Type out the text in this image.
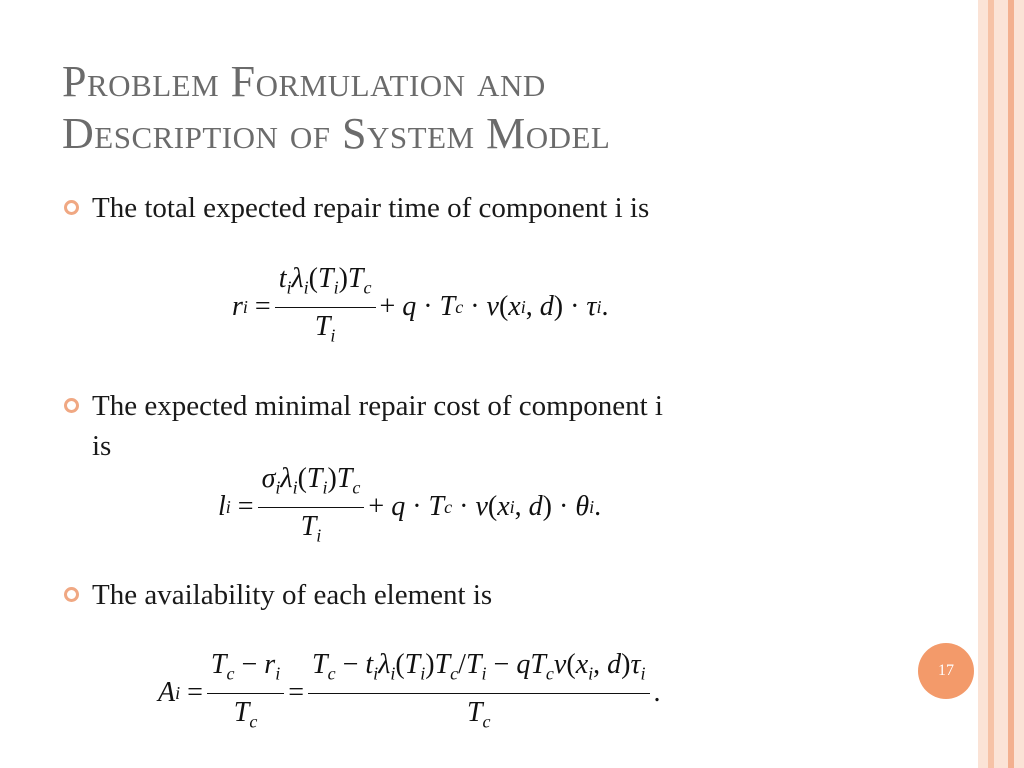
Problem Formulation and
Description of System Model
The total expected repair time of component i is
r $i = \frac{t_i\lambda_i(T_i)T_c}{T_i} + q \cdot T$ c · v ( x i , d ) · τ i .
The expected minimal repair cost of component i
is
l $i = \frac{\sigma_i\lambda_i(T_i)T_c}{T_i} + q \cdot T$ c · v ( x i , d ) · θ i .
The availability of each element is
A $i = \frac{T_c - r_i}{T_c} = \frac{T_c - t_i\lambda_i(T_i)T_c/T_i - qT_cv(x_i, d)\tau_i}{T_c}$ .
17
